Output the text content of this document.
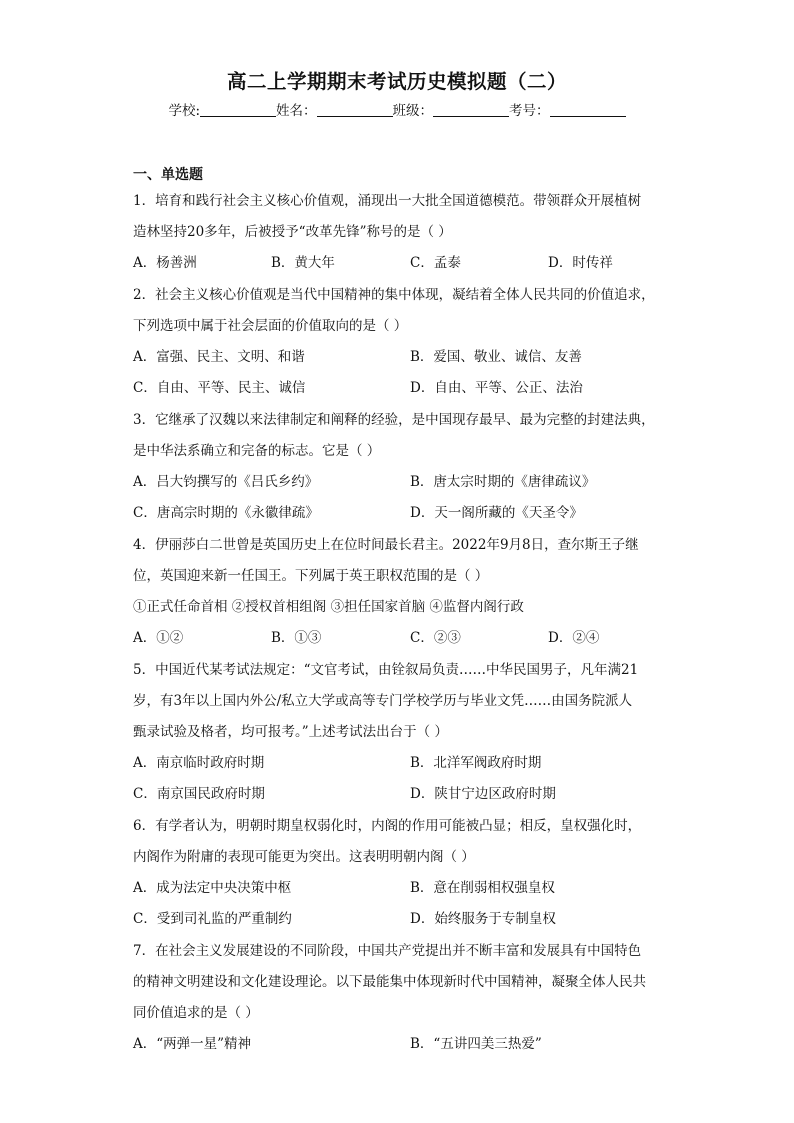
高二上学期期末考试历史模拟题（二）
学校:	姓名：	班级：	考号：
一、单选题
1．培育和践行社会主义核心价值观，涌现出一大批全国道德模范。带领群众开展植树
造林坚持20多年，后被授予“改革先锋”称号的是（ ）
A．杨善洲	B．黄大年	C．孟泰	D．时传祥
2．社会主义核心价值观是当代中国精神的集中体现，凝结着全体人民共同的价值追求，
下列选项中属于社会层面的价值取向的是（ ）
A．富强、民主、文明、和谐	B．爱国、敬业、诚信、友善
C．自由、平等、民主、诚信	D．自由、平等、公正、法治
3．它继承了汉魏以来法律制定和阐释的经验，是中国现存最早、最为完整的封建法典，
是中华法系确立和完备的标志。它是（ ）
A．吕大钧撰写的《吕氏乡约》	B．唐太宗时期的《唐律疏议》
C．唐高宗时期的《永徽律疏》	D．天一阁所藏的《天圣令》
4．伊丽莎白二世曾是英国历史上在位时间最长君主。2022年9月8日，查尔斯王子继
位，英国迎来新一任国王。下列属于英王职权范围的是（ ）
①正式任命首相 ②授权首相组阁 ③担任国家首脑 ④监督内阁行政
A．①②	B．①③	C．②③	D．②④
5．中国近代某考试法规定：“文官考试，由铨叙局负责……中华民国男子，凡年满21
岁，有3年以上国内外公/私立大学或高等专门学校学历与毕业文凭……由国务院派人
甄录试验及格者，均可报考。”上述考试法出台于（ ）
A．南京临时政府时期	B．北洋军阀政府时期
C．南京国民政府时期	D．陕甘宁边区政府时期
6．有学者认为，明朝时期皇权弱化时，内阁的作用可能被凸显；相反，皇权强化时，
内阁作为附庸的表现可能更为突出。这表明明朝内阁（ ）
A．成为法定中央决策中枢	B．意在削弱相权强皇权
C．受到司礼监的严重制约	D．始终服务于专制皇权
7．在社会主义发展建设的不同阶段，中国共产党提出并不断丰富和发展具有中国特色
的精神文明建设和文化建设理论。以下最能集中体现新时代中国精神，凝聚全体人民共
同价值追求的是（ ）
A．“两弹一星”精神	B．“五讲四美三热爱”
